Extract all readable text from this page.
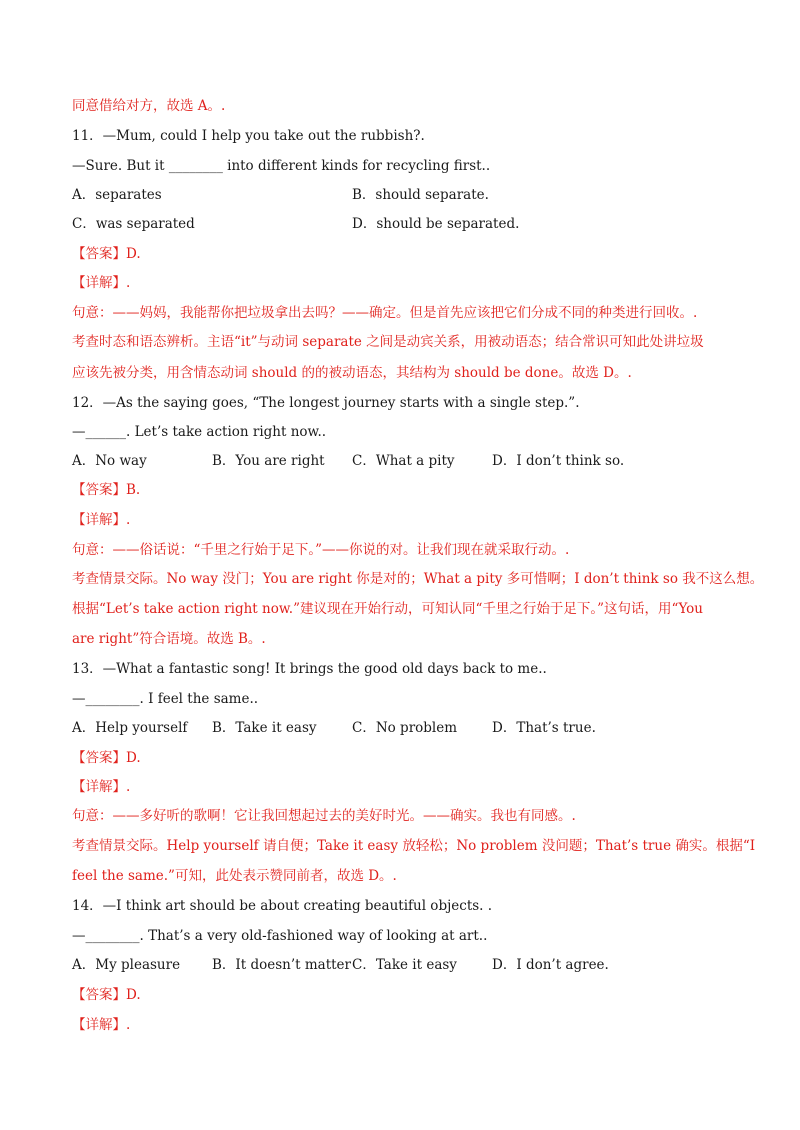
同意借给对方，故选 A。.
11．—Mum, could I help you take out the rubbish?.
—Sure. But it ________ into different kinds for recycling first..
A．separates	B．should separate.
C．was separated	D．should be separated.
【答案】D.
【详解】.
句意：——妈妈，我能帮你把垃圾拿出去吗？——确定。但是首先应该把它们分成不同的种类进行回收。.
考查时态和语态辨析。主语“it”与动词 separate 之间是动宾关系，用被动语态；结合常识可知此处讲垃圾
应该先被分类，用含情态动词 should 的的被动语态，其结构为 should be done。故选 D。.
12．—As the saying goes, “The longest journey starts with a single step.”.
—______. Let’s take action right now..
A．No way	B．You are right C．What a pity	D．I don’t think so.
【答案】B.
【详解】.
句意：——俗话说：“千里之行始于足下。”——你说的对。让我们现在就采取行动。.
考查情景交际。No way 没门；You are right 你是对的；What a pity 多可惜啊；I don’t think so 我不这么想。
根据“Let’s take action right now.”建议现在开始行动，可知认同“千里之行始于足下。”这句话，用“You
are right”符合语境。故选 B。.
13．—What a fantastic song! It brings the good old days back to me..
—________. I feel the same..
A．Help yourself B．Take it easy	C．No problem	D．That’s true.
【答案】D.
【详解】.
句意：——多好听的歌啊！它让我回想起过去的美好时光。——确实。我也有同感。.
考查情景交际。Help yourself 请自便；Take it easy 放轻松；No problem 没问题；That’s true 确实。根据“I
feel the same.”可知，此处表示赞同前者，故选 D。.
14．—I think art should be about creating beautiful objects. .
—________. That’s a very old-fashioned way of looking at art..
A．My pleasure B．It doesn’t matter C．Take it easy	D．I don’t agree.
【答案】D.
【详解】.
